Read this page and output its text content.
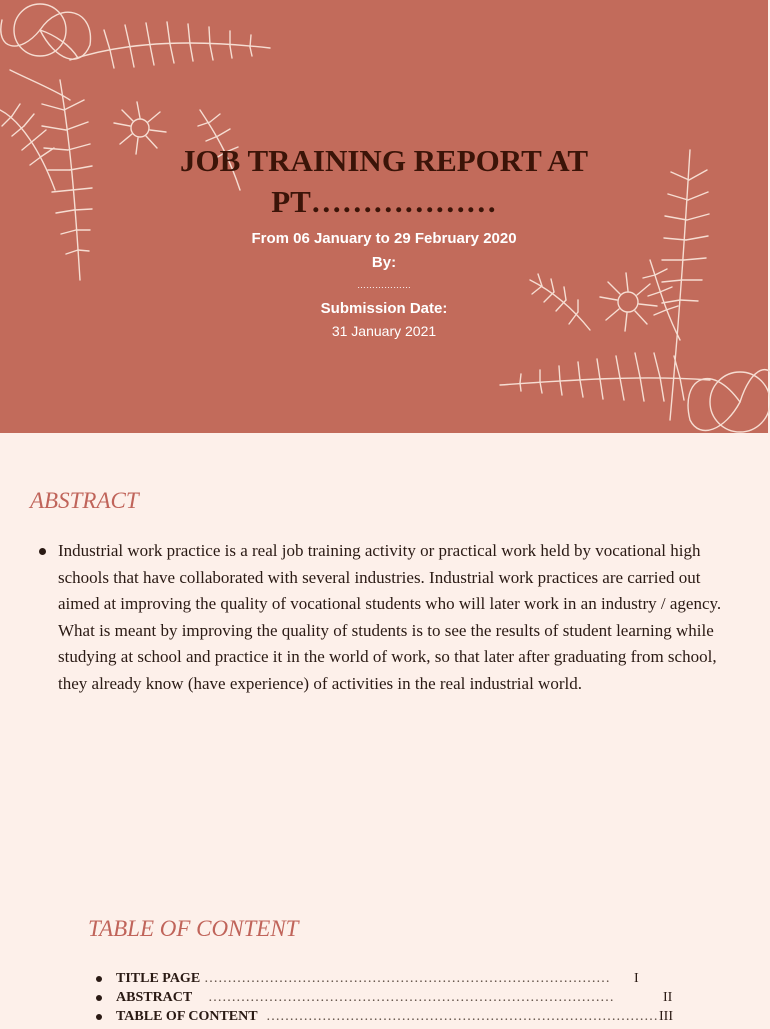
JOB TRAINING REPORT AT
PT………………
From 06 January to 29 February 2020
By:
………………
Submission Date:
31 January 2021
ABSTRACT
Industrial work practice is a real job training activity or practical work held by vocational high schools that have collaborated with several industries. Industrial work practices are carried out aimed at improving the quality of vocational students who will later work in an industry / agency. What is meant by improving the quality of students is to see the results of student learning while studying at school and practice it in the world of work, so that later after graduating from school, they already know (have experience) of activities in the real industrial world.
TABLE OF CONTENT
TITLE PAGE …………………………………………………………………………… I
ABSTRACT ……………………………………………………………………………	II
TABLE OF CONTENT ………………………………………………………………………… III
